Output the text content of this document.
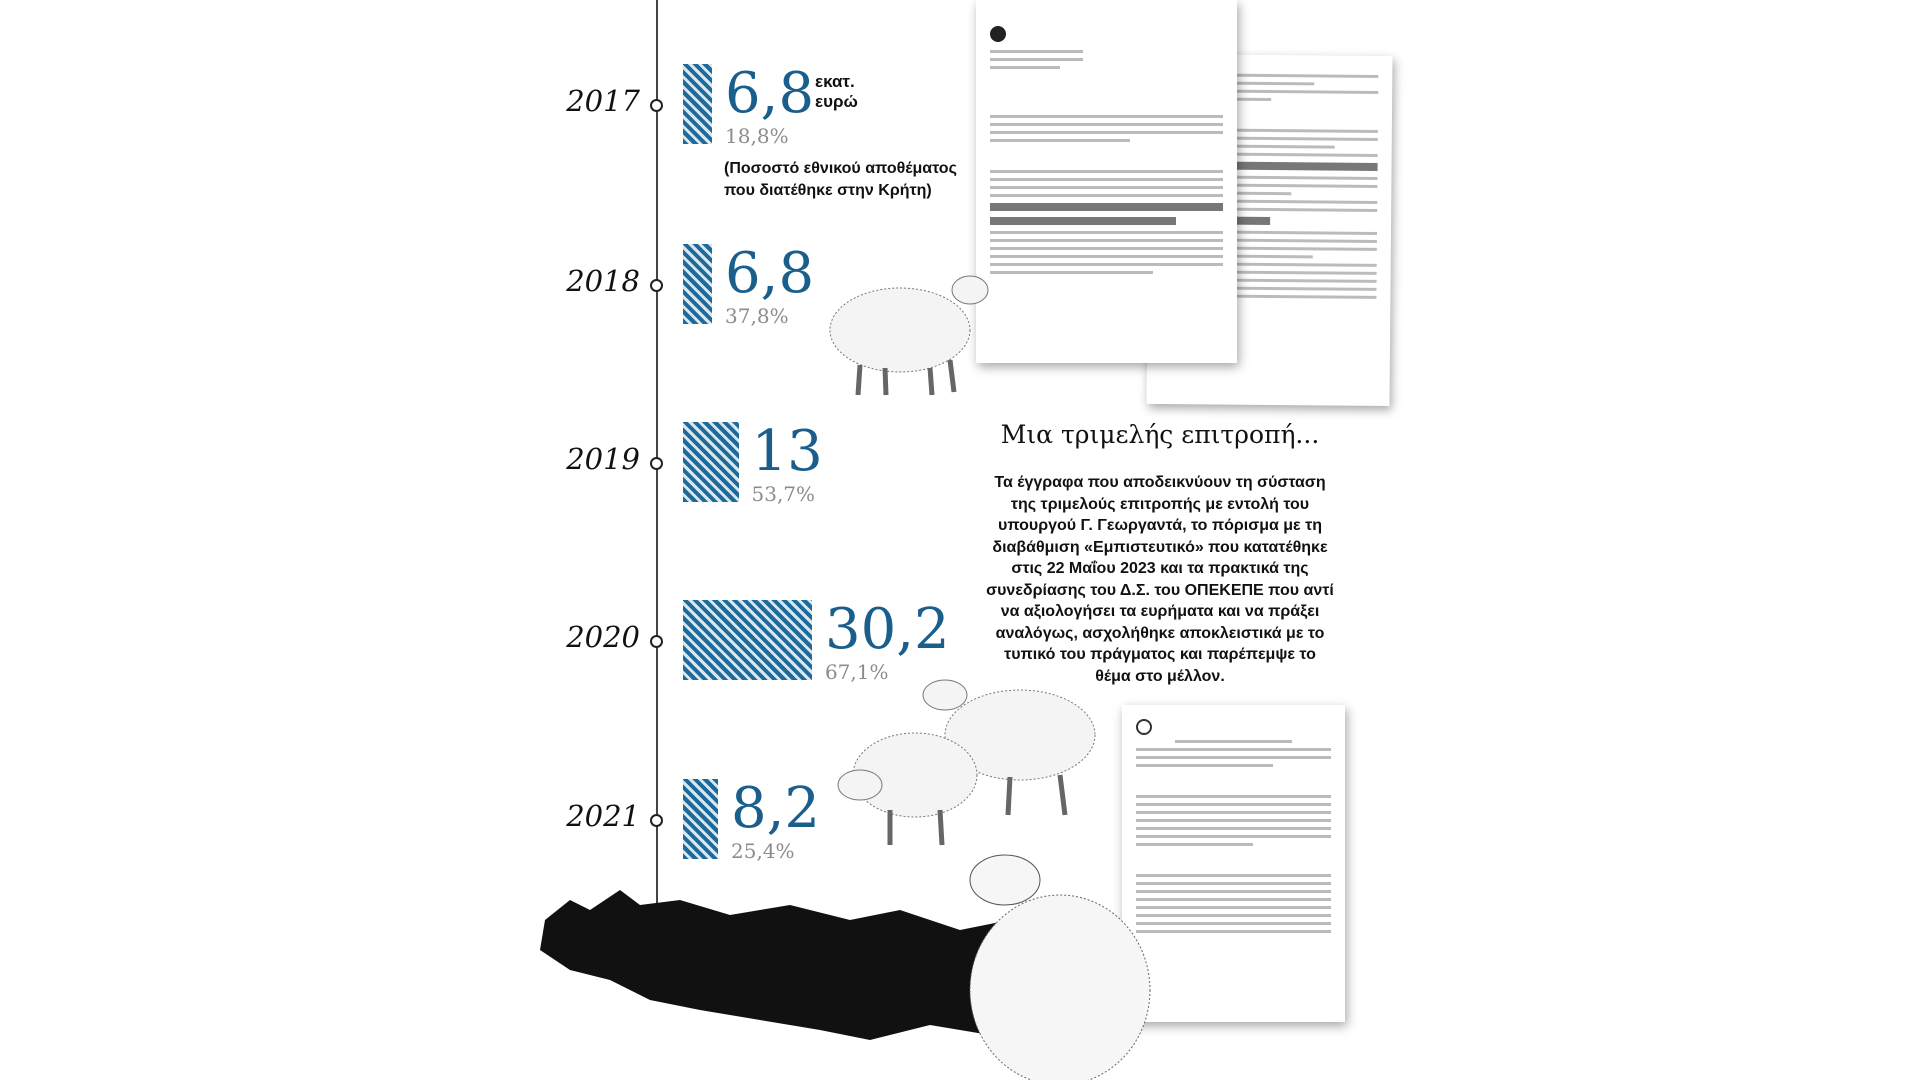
2017 6,8
18,8%
2018 6,8
37,8%
2019 13
53,7%
2020	30,2
67,1%
2021 8,2
25,4%
εκατ. ευρώ
(Ποσοστό εθνικού αποθέματος που διατέθηκε στην Κρήτη)

Μια τριμελής επιτροπή...
Τα έγγραφα που αποδεικνύουν τη σύσταση της τριμελούς επιτροπής με εντολή του υπουργού Γ. Γεωργαντά, το πόρισμα με τη διαβάθμιση «Εμπιστευτικό» που κατατέθηκε στις 22 Μαΐου 2023 και τα πρακτικά της συνεδρίασης του Δ.Σ. του ΟΠΕΚΕΠΕ που αντί να αξιολογήσει τα ευρήματα και να πράξει αναλόγως, ασχολήθηκε αποκλειστικά με το τυπικό του πράγματος και παρέπεμψε το θέμα στο μέλλον.
